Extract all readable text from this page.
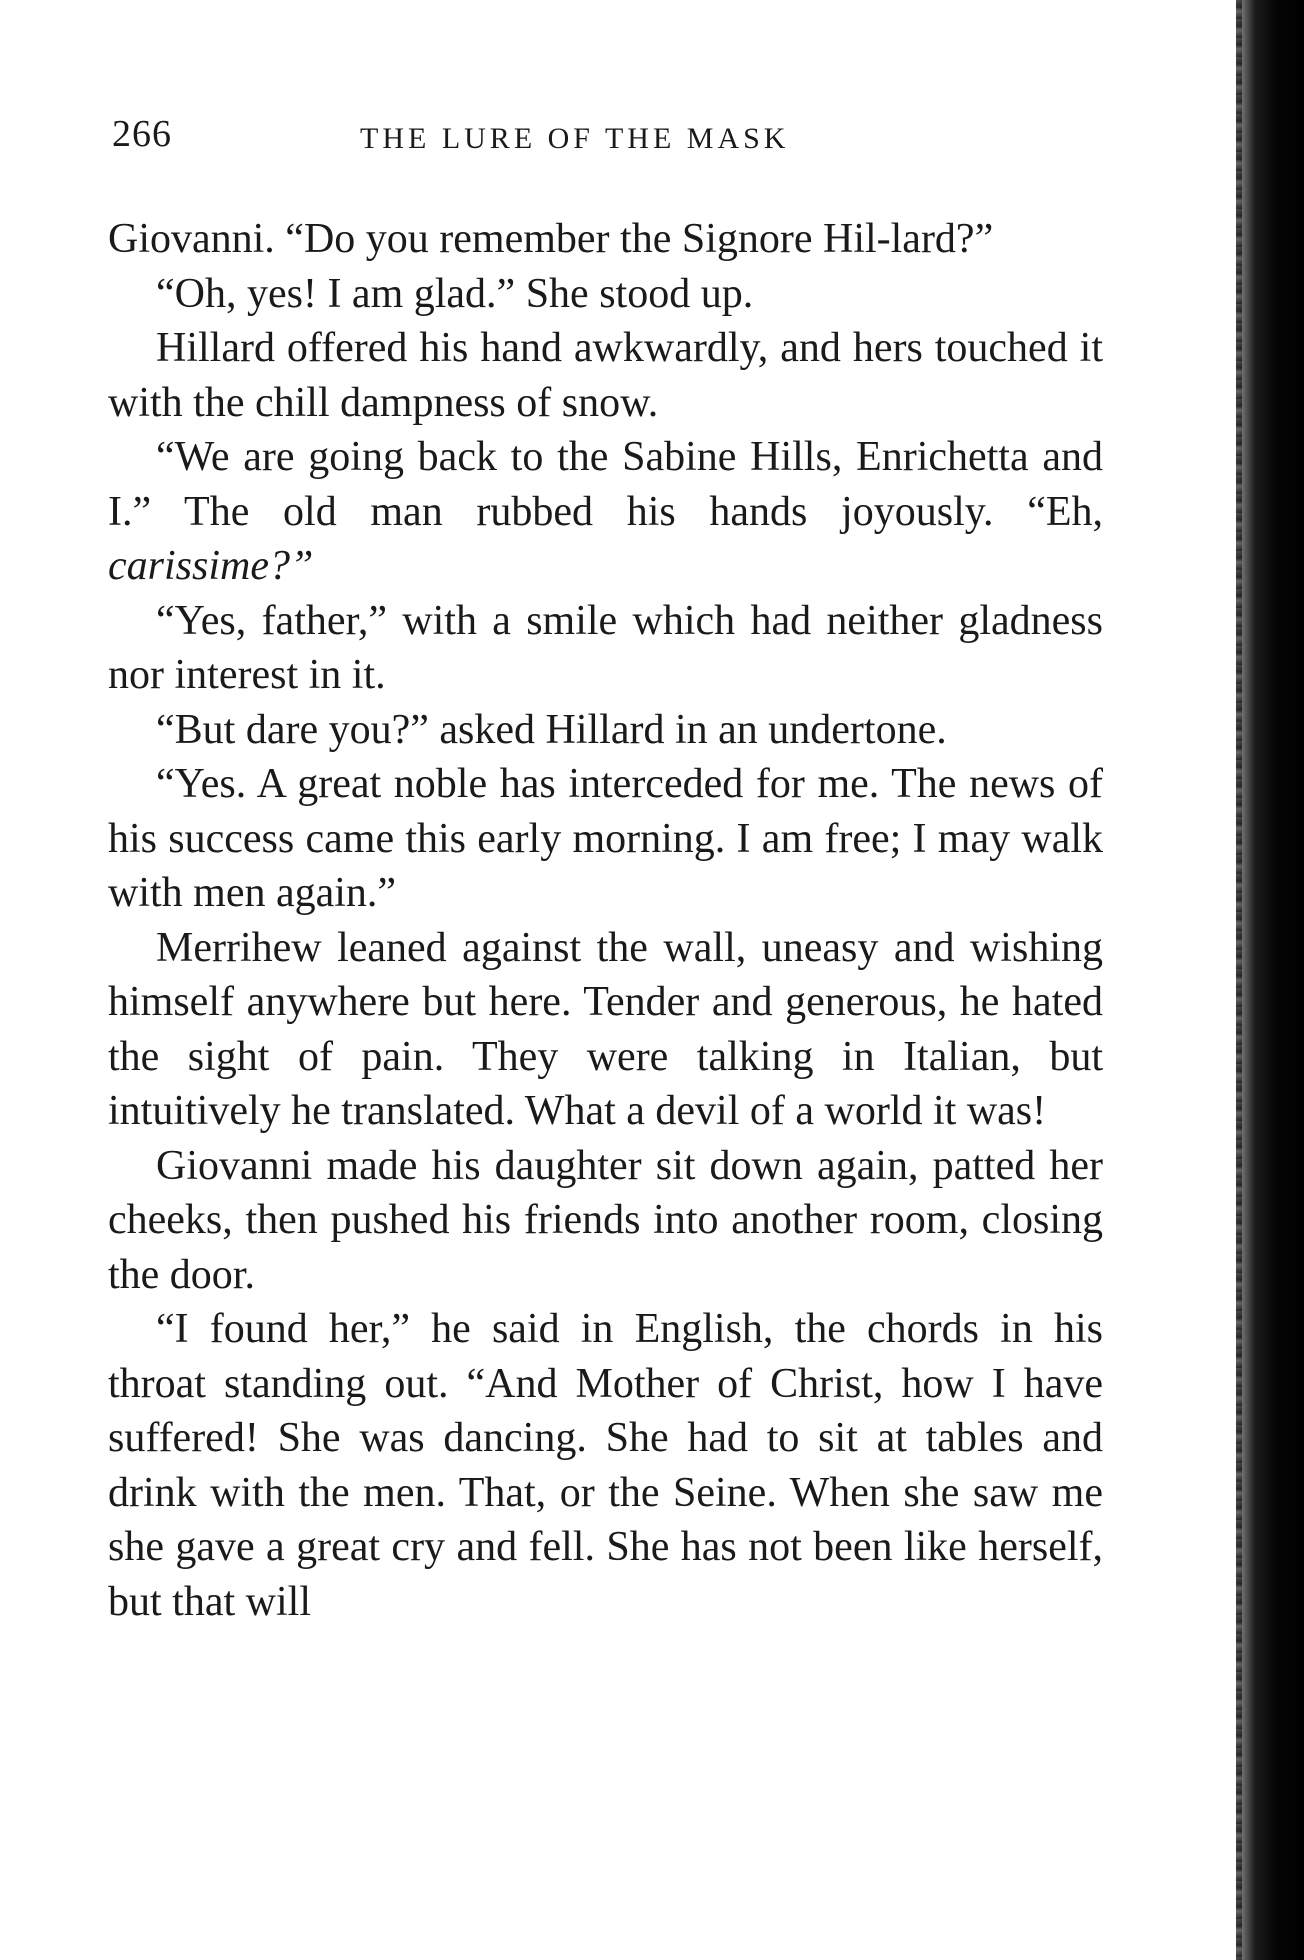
266	THE LURE OF THE MASK

Giovanni. “Do you remember the Signore Hil-lard?”

“Oh, yes! I am glad.” She stood up.

Hillard offered his hand awkwardly, and hers touched it with the chill dampness of snow.

“We are going back to the Sabine Hills, Enrichetta and I.” The old man rubbed his hands joyously. “Eh, carissime?”

“Yes, father,” with a smile which had neither gladness nor interest in it.

“But dare you?” asked Hillard in an undertone.

“Yes. A great noble has interceded for me. The news of his success came this early morning. I am free; I may walk with men again.”

Merrihew leaned against the wall, uneasy and wishing himself anywhere but here. Tender and generous, he hated the sight of pain. They were talking in Italian, but intuitively he translated. What a devil of a world it was!

Giovanni made his daughter sit down again, patted her cheeks, then pushed his friends into another room, closing the door.

“I found her,” he said in English, the chords in his throat standing out. “And Mother of Christ, how I have suffered! She was dancing. She had to sit at tables and drink with the men. That, or the Seine. When she saw me she gave a great cry and fell. She has not been like herself, but that will
